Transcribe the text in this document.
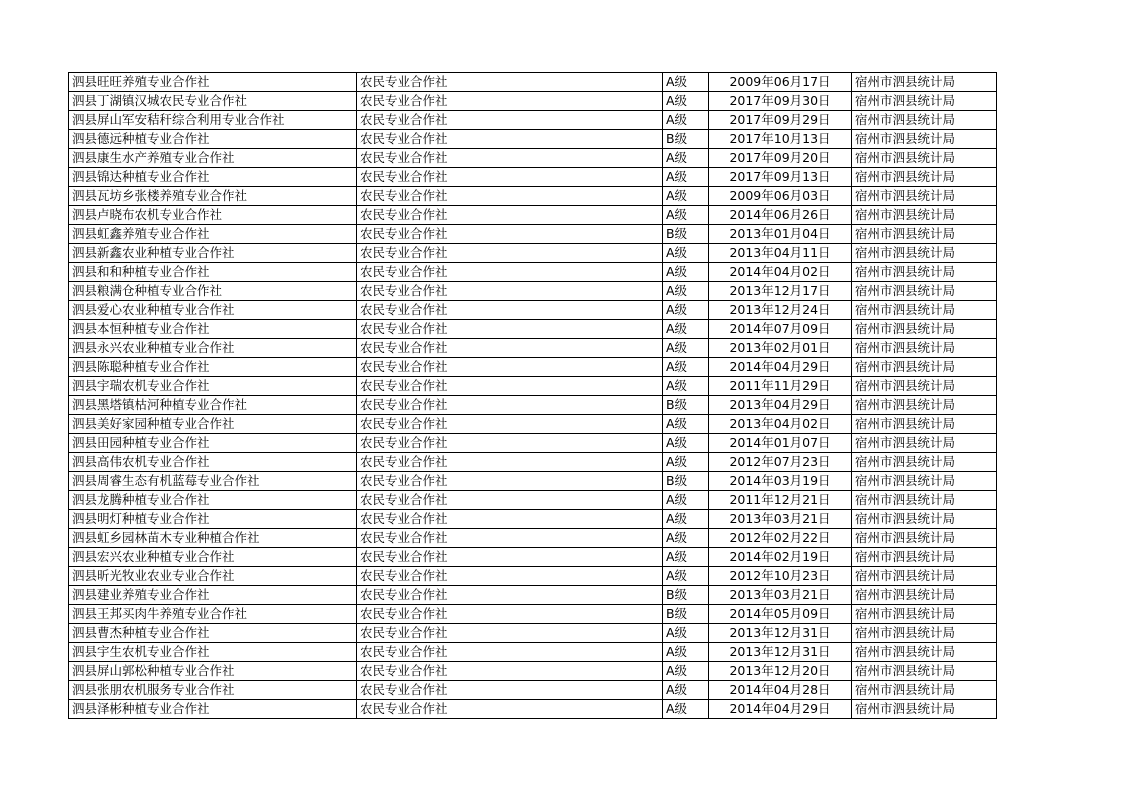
泗县旺旺养殖专业合作社	农民专业合作社	A级	2009年06月17日	宿州市泗县统计局
泗县丁湖镇汉城农民专业合作社	农民专业合作社	A级	2017年09月30日	宿州市泗县统计局
泗县屏山军安秸秆综合利用专业合作社	农民专业合作社	A级	2017年09月29日	宿州市泗县统计局
泗县德远种植专业合作社	农民专业合作社	B级	2017年10月13日	宿州市泗县统计局
泗县康生水产养殖专业合作社	农民专业合作社	A级	2017年09月20日	宿州市泗县统计局
泗县锦达种植专业合作社	农民专业合作社	A级	2017年09月13日	宿州市泗县统计局
泗县瓦坊乡张楼养殖专业合作社	农民专业合作社	A级	2009年06月03日	宿州市泗县统计局
泗县卢晓布农机专业合作社	农民专业合作社	A级	2014年06月26日	宿州市泗县统计局
泗县虹鑫养殖专业合作社	农民专业合作社	B级	2013年01月04日	宿州市泗县统计局
泗县新鑫农业种植专业合作社	农民专业合作社	A级	2013年04月11日	宿州市泗县统计局
泗县和和种植专业合作社	农民专业合作社	A级	2014年04月02日	宿州市泗县统计局
泗县粮满仓种植专业合作社	农民专业合作社	A级	2013年12月17日	宿州市泗县统计局
泗县爱心农业种植专业合作社	农民专业合作社	A级	2013年12月24日	宿州市泗县统计局
泗县本恒种植专业合作社	农民专业合作社	A级	2014年07月09日	宿州市泗县统计局
泗县永兴农业种植专业合作社	农民专业合作社	A级	2013年02月01日	宿州市泗县统计局
泗县陈聪种植专业合作社	农民专业合作社	A级	2014年04月29日	宿州市泗县统计局
泗县宇瑞农机专业合作社	农民专业合作社	A级	2011年11月29日	宿州市泗县统计局
泗县黑塔镇枯河种植专业合作社	农民专业合作社	B级	2013年04月29日	宿州市泗县统计局
泗县美好家园种植专业合作社	农民专业合作社	A级	2013年04月02日	宿州市泗县统计局
泗县田园种植专业合作社	农民专业合作社	A级	2014年01月07日	宿州市泗县统计局
泗县高伟农机专业合作社	农民专业合作社	A级	2012年07月23日	宿州市泗县统计局
泗县周睿生态有机蓝莓专业合作社	农民专业合作社	B级	2014年03月19日	宿州市泗县统计局
泗县龙腾种植专业合作社	农民专业合作社	A级	2011年12月21日	宿州市泗县统计局
泗县明灯种植专业合作社	农民专业合作社	A级	2013年03月21日	宿州市泗县统计局
泗县虹乡园林苗木专业种植合作社	农民专业合作社	A级	2012年02月22日	宿州市泗县统计局
泗县宏兴农业种植专业合作社	农民专业合作社	A级	2014年02月19日	宿州市泗县统计局
泗县昕光牧业农业专业合作社	农民专业合作社	A级	2012年10月23日	宿州市泗县统计局
泗县建业养殖专业合作社	农民专业合作社	B级	2013年03月21日	宿州市泗县统计局
泗县王邦买肉牛养殖专业合作社	农民专业合作社	B级	2014年05月09日	宿州市泗县统计局
泗县曹杰种植专业合作社	农民专业合作社	A级	2013年12月31日	宿州市泗县统计局
泗县宇生农机专业合作社	农民专业合作社	A级	2013年12月31日	宿州市泗县统计局
泗县屏山郭松种植专业合作社	农民专业合作社	A级	2013年12月20日	宿州市泗县统计局
泗县张朋农机服务专业合作社	农民专业合作社	A级	2014年04月28日	宿州市泗县统计局
泗县泽彬种植专业合作社	农民专业合作社	A级	2014年04月29日	宿州市泗县统计局
